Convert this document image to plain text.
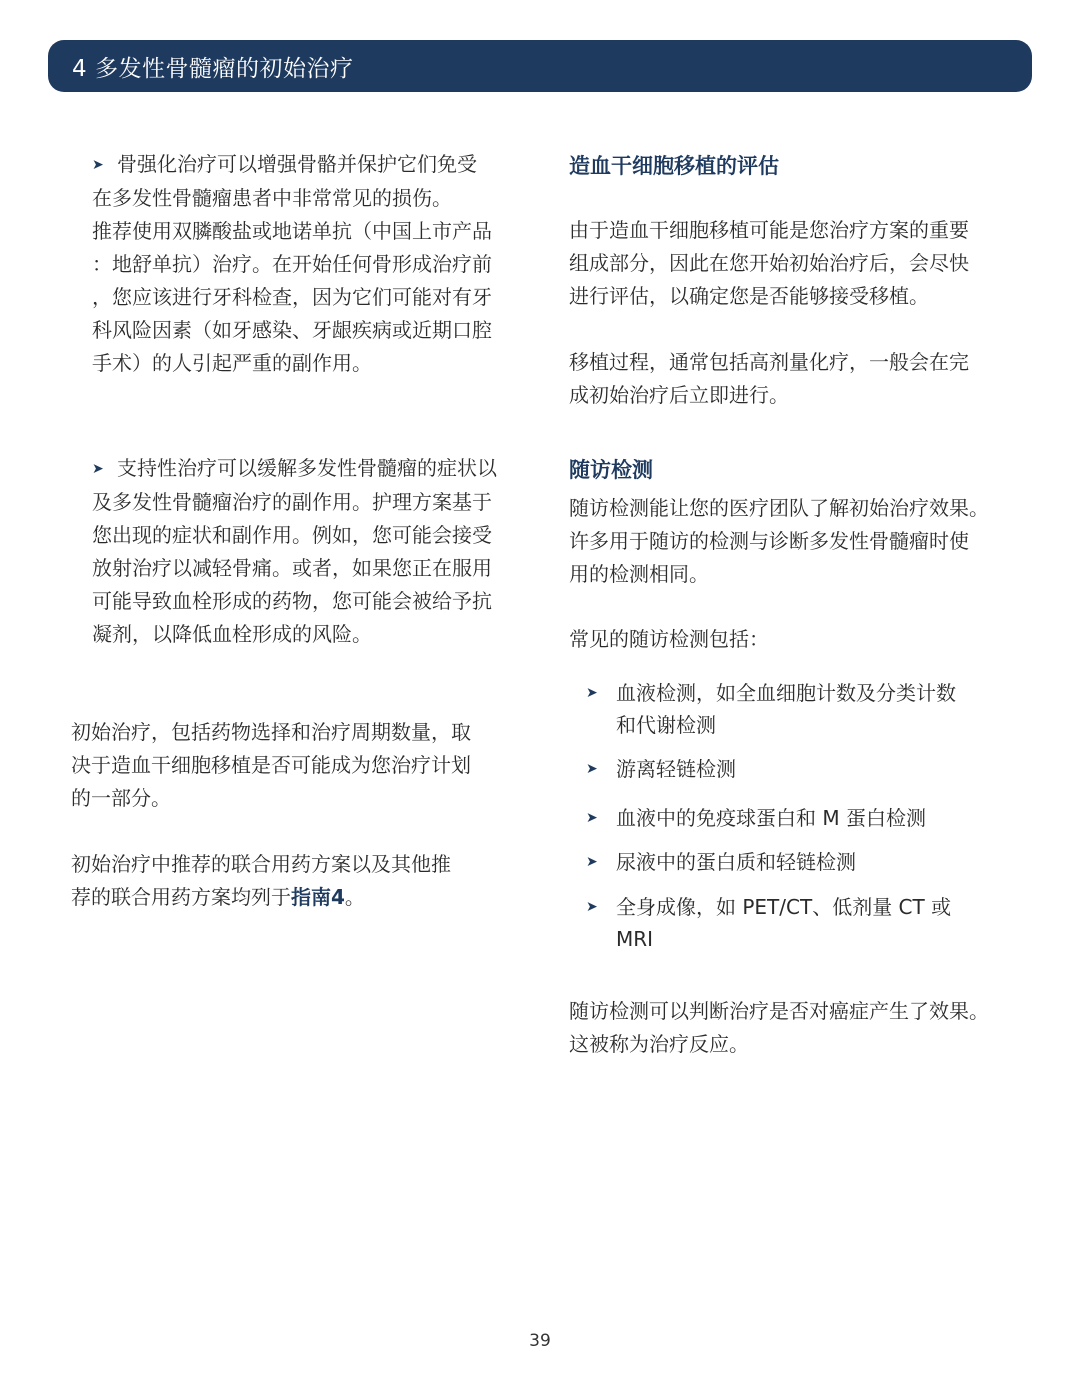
4 多发性骨髓瘤的初始治疗
➤ 骨强化治疗可以增强骨骼并保护它们免受
在多发性骨髓瘤患者中非常常见的损伤。
推荐使用双膦酸盐或地诺单抗（中国上市产品
：地舒单抗）治疗。在开始任何骨形成治疗前
，您应该进行牙科检查，因为它们可能对有牙
科风险因素（如牙感染、牙龈疾病或近期口腔
手术）的人引起严重的副作用。
➤ 支持性治疗可以缓解多发性骨髓瘤的症状以
及多发性骨髓瘤治疗的副作用。护理方案基于
您出现的症状和副作用。例如，您可能会接受
放射治疗以减轻骨痛。或者，如果您正在服用
可能导致血栓形成的药物，您可能会被给予抗
凝剂，以降低血栓形成的风险。
初始治疗，包括药物选择和治疗周期数量，取
决于造血干细胞移植是否可能成为您治疗计划
的一部分。
初始治疗中推荐的联合用药方案以及其他推
荐的联合用药方案均列于指南4。
造血干细胞移植的评估
由于造血干细胞移植可能是您治疗方案的重要
组成部分，因此在您开始初始治疗后，会尽快
进行评估，以确定您是否能够接受移植。
移植过程，通常包括高剂量化疗，一般会在完
成初始治疗后立即进行。
随访检测
随访检测能让您的医疗团队了解初始治疗效果。
许多用于随访的检测与诊断多发性骨髓瘤时使
用的检测相同。
常见的随访检测包括：
➤ 血液检测，如全血细胞计数及分类计数
和代谢检测
➤ 游离轻链检测
➤ 血液中的免疫球蛋白和 M 蛋白检测
➤ 尿液中的蛋白质和轻链检测
➤ 全身成像，如 PET/CT、低剂量 CT 或
MRI
随访检测可以判断治疗是否对癌症产生了效果。
这被称为治疗反应。
39
